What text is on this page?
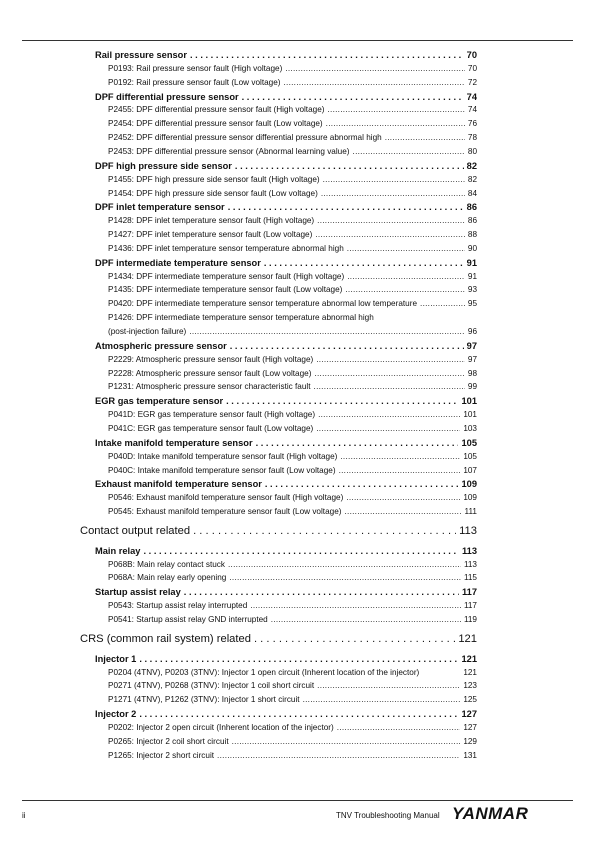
Rail pressure sensor . . .	70
P0193: Rail pressure sensor fault (High voltage) . . .	70
P0192: Rail pressure sensor fault (Low voltage) . . .	72
DPF differential pressure sensor . . .	74
P2455: DPF differential pressure sensor fault (High voltage) . . .	74
P2454: DPF differential pressure sensor fault (Low voltage) . . .	76
P2452: DPF differential pressure sensor differential pressure abnormal high . . .	78
P2453: DPF differential pressure sensor (Abnormal learning value) . . .	80
DPF high pressure side sensor . . .	82
P1455: DPF high pressure side sensor fault (High voltage) . . .	82
P1454: DPF high pressure side sensor fault (Low voltage) . . .	84
DPF inlet temperature sensor . . .	86
P1428: DPF inlet temperature sensor fault (High voltage) . . .	86
P1427: DPF inlet temperature sensor fault (Low voltage) . . .	88
P1436: DPF inlet temperature sensor temperature abnormal high . . .	90
DPF intermediate temperature sensor . . .	91
P1434: DPF intermediate temperature sensor fault (High voltage) . . .	91
P1435: DPF intermediate temperature sensor fault (Low voltage) . . .	93
P0420: DPF intermediate temperature sensor temperature abnormal low temperature . . .	95
P1426: DPF intermediate temperature sensor temperature abnormal high
(post-injection failure) . . .	96
Atmospheric pressure sensor . . .	97
P2229: Atmospheric pressure sensor fault (High voltage) . . .	97
P2228: Atmospheric pressure sensor fault (Low voltage) . . .	98
P1231: Atmospheric pressure sensor characteristic fault . . .	99
EGR gas temperature sensor . . .	101
P041D: EGR gas temperature sensor fault (High voltage) . . .	101
P041C: EGR gas temperature sensor fault (Low voltage) . . .	103
Intake manifold temperature sensor . . .	105
P040D: Intake manifold temperature sensor fault (High voltage) . . .	105
P040C: Intake manifold temperature sensor fault (Low voltage) . . .	107
Exhaust manifold temperature sensor . . .	109
P0546: Exhaust manifold temperature sensor fault (High voltage) . . .	109
P0545: Exhaust manifold temperature sensor fault (Low voltage) . . .	111
Contact output related . . .	113
Main relay . . .	113
P068B: Main relay contact stuck . . .	113
P068A: Main relay early opening . . .	115
Startup assist relay . . .	117
P0543: Startup assist relay interrupted . . .	117
P0541: Startup assist relay GND interrupted . . .	119
CRS (common rail system) related . . .	121
Injector 1 . . .	121
P0204 (4TNV), P0203 (3TNV): Injector 1 open circuit (Inherent location of the injector)	121
P0271 (4TNV), P0268 (3TNV): Injector 1 coil short circuit . . .	123
P1271 (4TNV), P1262 (3TNV): Injector 1 short circuit . . .	125
Injector 2 . . .	127
P0202: Injector 2 open circuit (Inherent location of the injector) . . .	127
P0265: Injector 2 coil short circuit . . .	129
P1265: Injector 2 short circuit . . .	131
ii	TNV Troubleshooting Manual YANMAR
